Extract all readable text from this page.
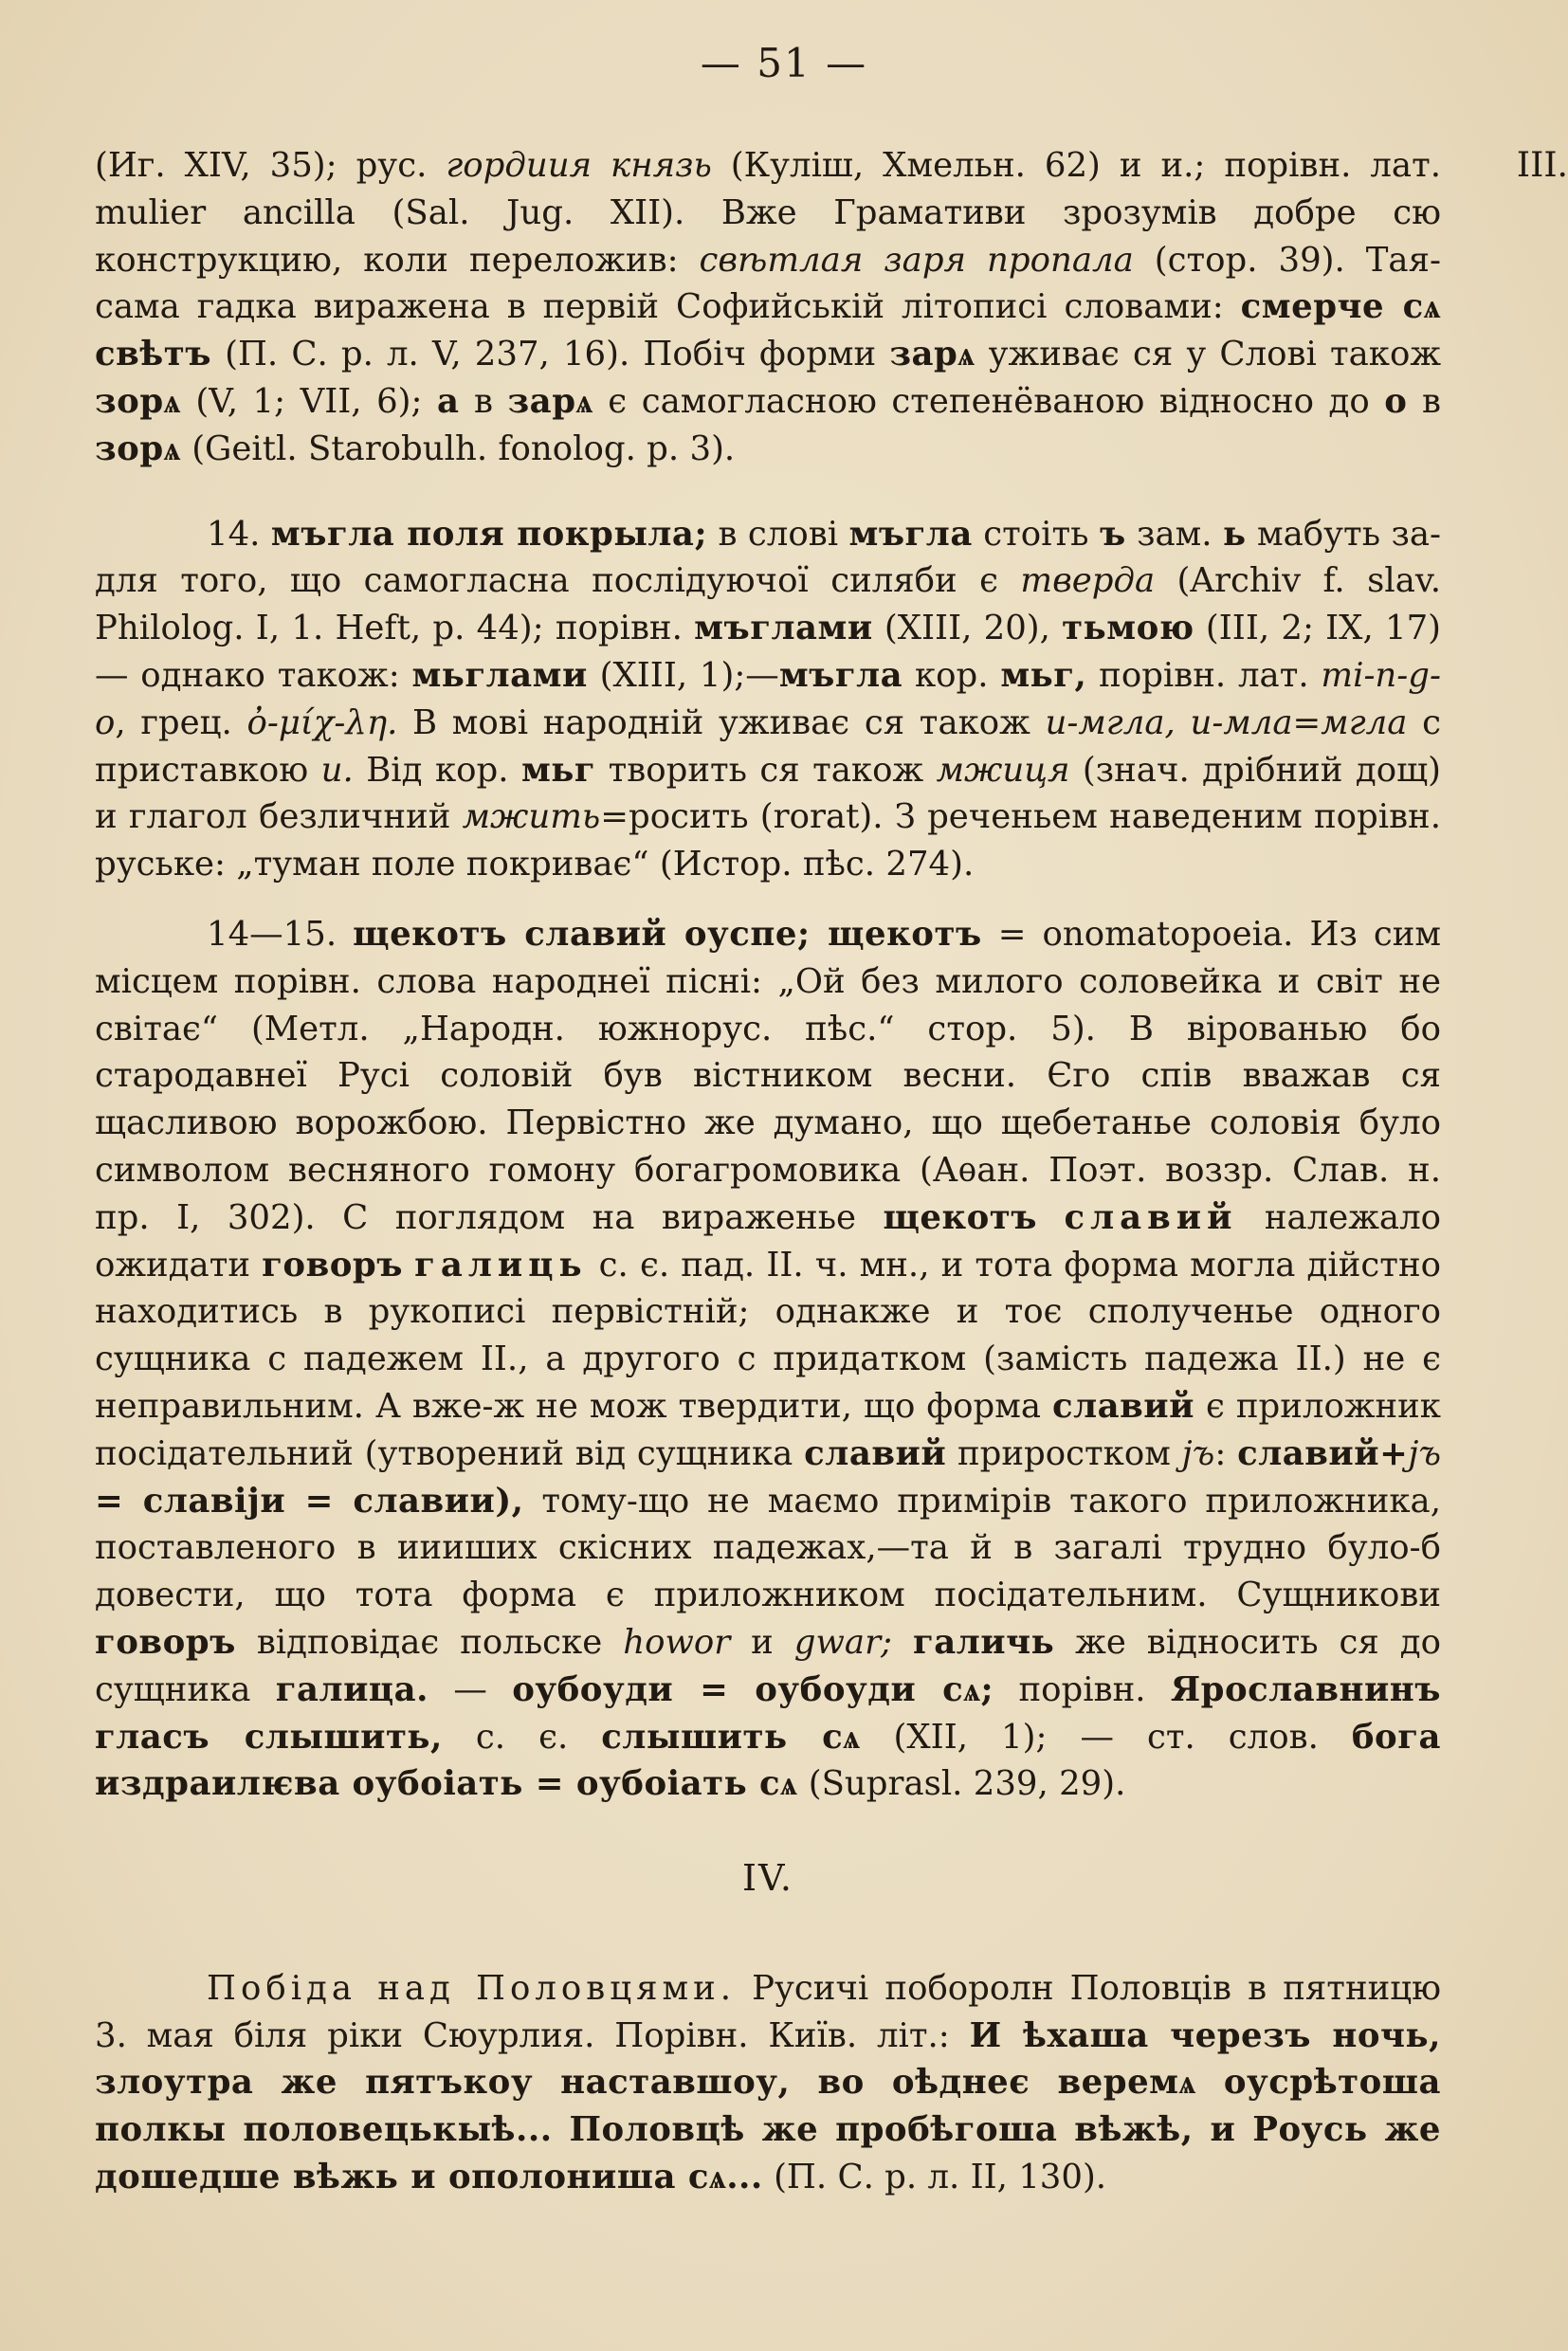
— 51 —
III.

(Иг. XIV, 35); рус. гордиия князь (Куліш, Хмельн. 62) и и.; порівн. лат. mulier ancilla (Sal. Jug. XII). Вже Грамативи зрозумів добре сю конструкцию, коли переложив: свѣтлая заря пропала (стор. 39). Тая-сама гадка виражена в первій Софийській літописі словами: смерче сѧ свѣтъ (П. С. р. л. V, 237, 16). Побіч форми зарѧ уживає ся у Слові також зорѧ (V, 1; VII, 6); а в зарѧ є самогласною степенёваною відносно до о в зорѧ (Geitl. Starobulh. fonolog. p. 3).

14. мъгла поля покрыла; в слові мъгла стоіть ъ зам. ь мабуть за-для того, що самогласна послідуючої силяби є тверда (Archiv f. slav. Philolog. I, 1. Heft, p. 44); порівн. мъглами (XIII, 20), тьмою (III, 2; IX, 17) — однако також: мьглами (XIII, 1);—мъгла кор. мьг, порівн. лат. mi-n-g-o, грец. ὀ-μίχ-λη. В мові народній уживає ся також и-мгла, и-мла=мгла с приставкою и. Від кор. мьг творить ся також мжиця (знач. дрібний дощ) и глагол безличний мжить=росить (rorat). З реченьем наведеним порівн. руське: „туман поле покриває“ (Истор. пѣс. 274).

14—15. щекотъ славий оуспе; щекотъ = onomatopoeia. Из сим місцем порівн. слова народнеї пісні: „Ой без милого соловейка и світ не світає“ (Метл. „Народн. южнорус. пѣс.“ стор. 5). В вірованью бо стародавнеї Русі соловій був вістником весни. Єго спів вважав ся щасливою ворожбою. Первістно же думано, що щебетанье соловія було символом весняного гомону богагромовика (Аѳан. Поэт. воззр. Слав. н. пр. I, 302). С поглядом на вираженье щекотъ славий належало ожидати говоръ галиць с. є. пад. II. ч. мн., и тота форма могла дійстно находитись в рукописі первістній; однакже и тоє сполученье одного сущника с падежем II., а другого с придатком (замість падежа II.) не є неправильним. А вже-ж не мож твердити, що форма славий є приложник посідательний (утворений від сущника славий приростком jъ: славий+jъ = славіји = славии), тому-що не маємо примірів такого приложника, поставленого в иииших скісних падежах,—та й в загалі трудно було-б довести, що тота форма є приложником посідательним. Сущникови говоръ відповідає польске howor и gwar; галичь же відносить ся до сущника галица. — оубоуди = оубоуди сѧ; порівн. Ярославнинъ гласъ слышить, с. є. слышить сѧ (XII, 1); — ст. слов. бога издраилѥва оубоіать = оубоіать сѧ (Suprasl. 239, 29).

IV.

Побіда над Половцями. Русичі поборолн Половців в пятницю 3. мая біля ріки Сюурлия. Порівн. Київ. літ.: И ѣхаша черезъ ночь, злоутра же пятъкоу наставшоу, во оѣднеє веремѧ оусрѣтоша полкы половецькыѣ... Половцѣ же пробѣгоша вѣжѣ, и Роусь же дошедше вѣжь и ополониша сѧ... (П. С. р. л. II, 130).
